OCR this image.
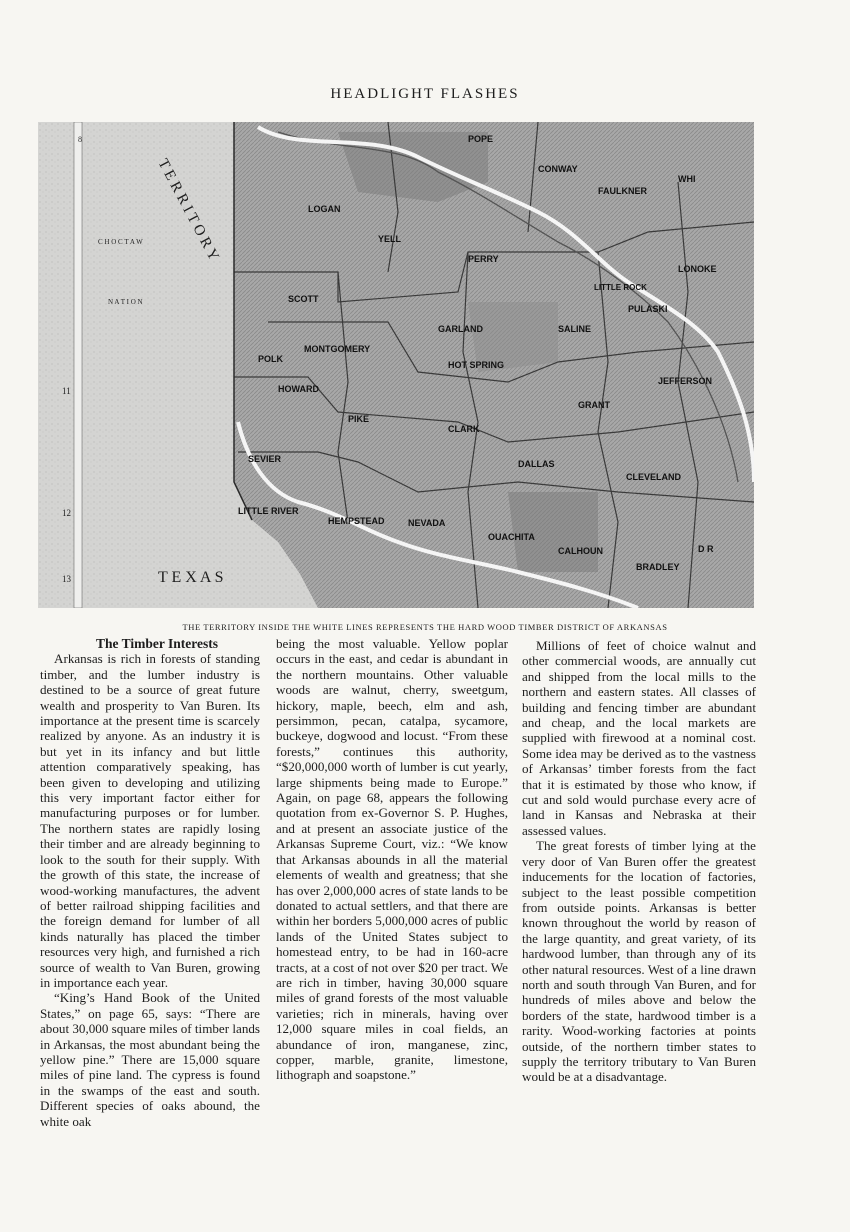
HEADLIGHT FLASHES
8
T E R R I T O R Y
T E X A S
C H O C T A W
N A T I O N
11
12
13
MONTGOMERY
GARLAND
HOT SPRING
PIKE
CLARK
DALLAS
POLK
HOWARD
SEVIER
LITTLE RIVER
HEMPSTEAD	NEVADA
OUACHITA
CALHOUN
BRADLEY
CLEVELAND
JEFFERSON
GRANT
SALINE
PERRY
YELL
SCOTT
LOGAN
CONWAY
FAULKNER
LONOKE
PULASKI
LITTLE ROCK
WHI
POPE
D R
THE TERRITORY INSIDE THE WHITE LINES REPRESENTS THE HARD WOOD TIMBER DISTRICT OF ARKANSAS

The Timber Interests

Arkansas is rich in forests of standing timber, and the lumber industry is destined to be a source of great future wealth and prosperity to Van Buren. Its importance at the present time is scarcely realized by anyone. As an industry it is but yet in its infancy and but little attention comparatively speaking, has been given to developing and utilizing this very important factor either for manufacturing purposes or for lumber. The northern states are rapidly losing their timber and are already beginning to look to the south for their supply. With the growth of this state, the increase of wood-working manufactures, the advent of better railroad shipping facilities and the foreign demand for lumber of all kinds naturally has placed the timber resources very high, and furnished a rich source of wealth to Van Buren, growing in importance each year.

“King’s Hand Book of the United States,” on page 65, says: “There are about 30,000 square miles of timber lands in Arkansas, the most abundant being the yellow pine.” There are 15,000 square miles of pine land. The cypress is found in the swamps of the east and south. Different species of oaks abound, the white oak

being the most valuable. Yellow poplar occurs in the east, and cedar is abundant in the northern mountains. Other valuable woods are walnut, cherry, sweetgum, hickory, maple, beech, elm and ash, persimmon, pecan, catalpa, sycamore, buckeye, dogwood and locust. “From these forests,” continues this authority, “$20,000,000 worth of lumber is cut yearly, large shipments being made to Europe.” Again, on page 68, appears the following quotation from ex-Governor S. P. Hughes, and at present an associate justice of the Arkansas Supreme Court, viz.: “We know that Arkansas abounds in all the material elements of wealth and greatness; that she has over 2,000,000 acres of state lands to be donated to actual settlers, and that there are within her borders 5,000,000 acres of public lands of the United States subject to homestead entry, to be had in 160-acre tracts, at a cost of not over $20 per tract. We are rich in timber, having 30,000 square miles of grand forests of the most valuable varieties; rich in minerals, having over 12,000 square miles in coal fields, an abundance of iron, manganese, zinc, copper, marble, granite, limestone, lithograph and soapstone.”

Millions of feet of choice walnut and other commercial woods, are annually cut and shipped from the local mills to the northern and eastern states. All classes of building and fencing timber are abundant and cheap, and the local markets are supplied with firewood at a nominal cost. Some idea may be derived as to the vastness of Arkansas’ timber forests from the fact that it is estimated by those who know, if cut and sold would purchase every acre of land in Kansas and Nebraska at their assessed values.

The great forests of timber lying at the very door of Van Buren offer the greatest inducements for the location of factories, subject to the least possible competition from outside points. Arkansas is better known throughout the world by reason of the large quantity, and great variety, of its hardwood lumber, than through any of its other natural resources. West of a line drawn north and south through Van Buren, and for hundreds of miles above and below the borders of the state, hardwood timber is a rarity. Wood-working factories at points outside, of the northern timber states to supply the territory tributary to Van Buren would be at a disadvantage.
